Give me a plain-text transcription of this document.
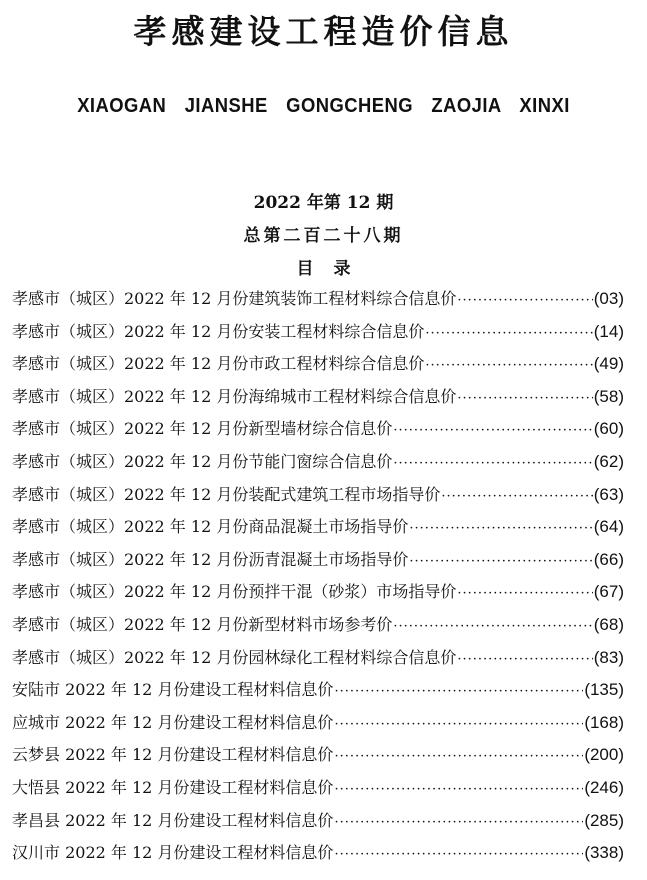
孝感建设工程造价信息
XIAOGAN JIANSHE GONGCHENG ZAOJIA XINXI
2022 年第 12 期
总第二百二十八期
目 录
孝感市（城区）2022 年 12 月份建筑装饰工程材料综合信息价 ·····	(03)
孝感市（城区）2022 年 12 月份安装工程材料综合信息价 ·····	(14)
孝感市（城区）2022 年 12 月份市政工程材料综合信息价 ·····	(49)
孝感市（城区）2022 年 12 月份海绵城市工程材料综合信息价 ·····	(58)
孝感市（城区）2022 年 12 月份新型墙材综合信息价 ·····	(60)
孝感市（城区）2022 年 12 月份节能门窗综合信息价 ·····	(62)
孝感市（城区）2022 年 12 月份装配式建筑工程市场指导价 ·····	(63)
孝感市（城区）2022 年 12 月份商品混凝土市场指导价 ·····	(64)
孝感市（城区）2022 年 12 月份沥青混凝土市场指导价 ·····	(66)
孝感市（城区）2022 年 12 月份预拌干混（砂浆）市场指导价 ·····	(67)
孝感市（城区）2022 年 12 月份新型材料市场参考价 ·····	(68)
孝感市（城区）2022 年 12 月份园林绿化工程材料综合信息价 ·····	(83)
安陆市 2022 年 12 月份建设工程材料信息价 ·····	(135)
应城市 2022 年 12 月份建设工程材料信息价 ·····	(168)
云梦县 2022 年 12 月份建设工程材料信息价 ·····	(200)
大悟县 2022 年 12 月份建设工程材料信息价 ·····	(246)
孝昌县 2022 年 12 月份建设工程材料信息价 ·····	(285)
汉川市 2022 年 12 月份建设工程材料信息价 ·····	(338)
